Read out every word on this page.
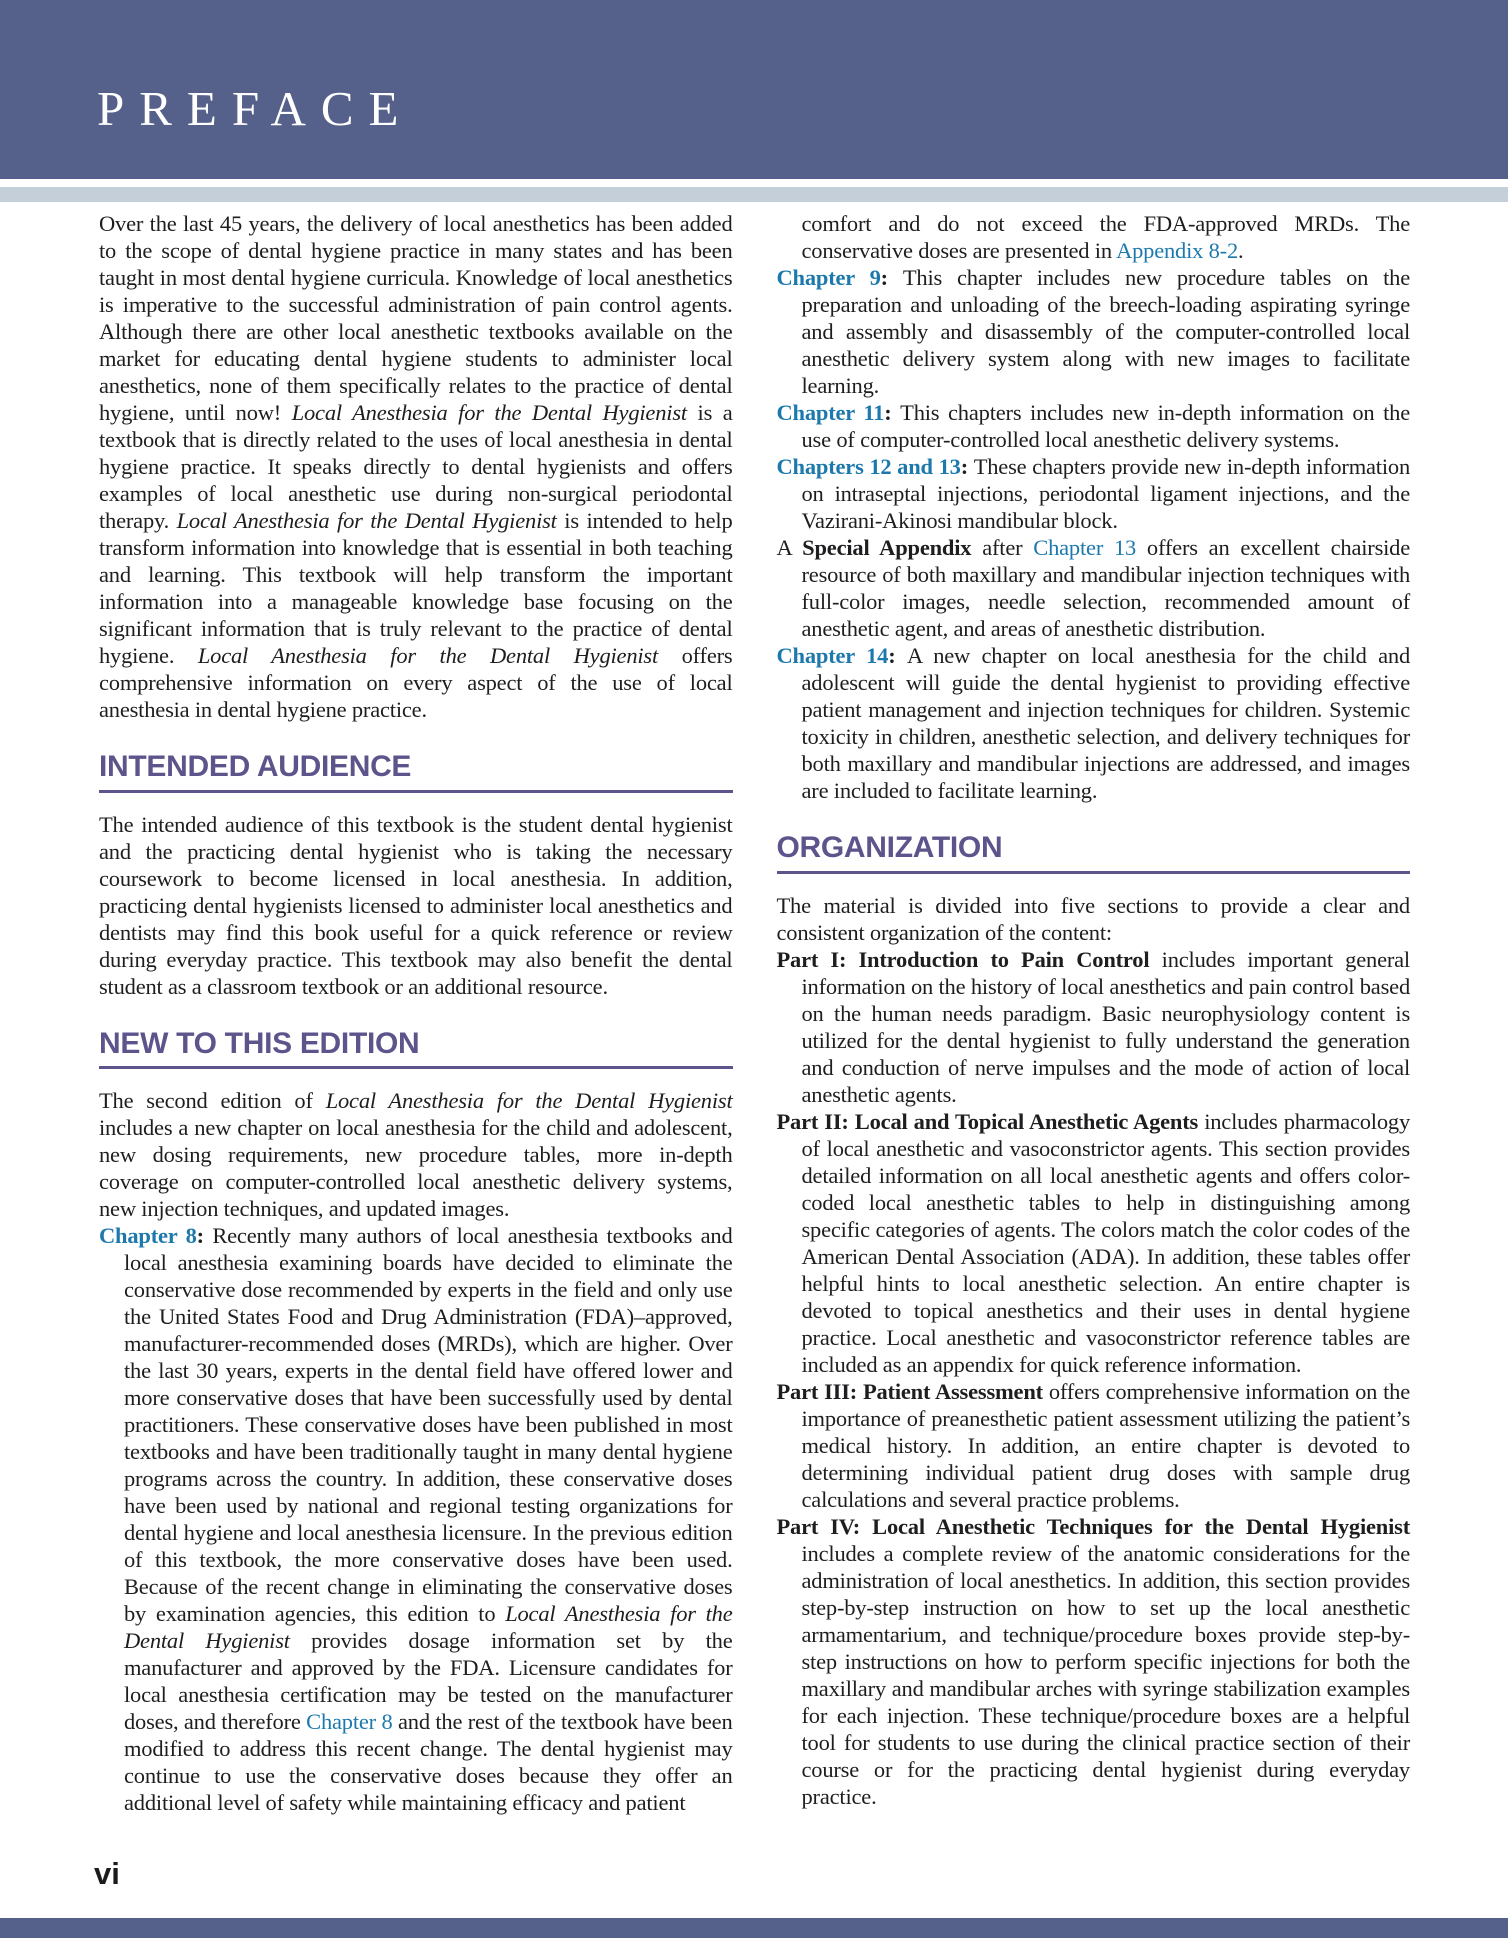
PREFACE

Over the last 45 years, the delivery of local anesthetics has been added to the scope of dental hygiene practice in many states and has been taught in most dental hygiene curricula. Knowledge of local anesthetics is imperative to the successful administration of pain control agents. Although there are other local anesthetic textbooks available on the market for educating dental hygiene students to administer local anesthetics, none of them specifically relates to the practice of dental hygiene, until now! Local Anesthesia for the Dental Hygienist is a textbook that is directly related to the uses of local anesthesia in dental hygiene practice. It speaks directly to dental hygienists and offers examples of local anesthetic use during non-surgical periodontal therapy. Local Anesthesia for the Dental Hygienist is intended to help transform information into knowledge that is essential in both teaching and learning. This textbook will help transform the important information into a manageable knowledge base focusing on the significant information that is truly relevant to the practice of dental hygiene. Local Anesthesia for the Dental Hygienist offers comprehensive information on every aspect of the use of local anesthesia in dental hygiene practice.

INTENDED AUDIENCE

The intended audience of this textbook is the student dental hygienist and the practicing dental hygienist who is taking the necessary coursework to become licensed in local anesthesia. In addition, practicing dental hygienists licensed to administer local anesthetics and dentists may find this book useful for a quick reference or review during everyday practice. This textbook may also benefit the dental student as a classroom textbook or an additional resource.

NEW TO THIS EDITION

The second edition of Local Anesthesia for the Dental Hygienist includes a new chapter on local anesthesia for the child and adolescent, new dosing requirements, new procedure tables, more in-depth coverage on computer-controlled local anesthetic delivery systems, new injection techniques, and updated images.

Chapter 8: Recently many authors of local anesthesia textbooks and local anesthesia examining boards have decided to eliminate the conservative dose recommended by experts in the field and only use the United States Food and Drug Administration (FDA)–approved, manufacturer-recommended doses (MRDs), which are higher. Over the last 30 years, experts in the dental field have offered lower and more conservative doses that have been successfully used by dental practitioners. These conservative doses have been published in most textbooks and have been traditionally taught in many dental hygiene programs across the country. In addition, these conservative doses have been used by national and regional testing organizations for dental hygiene and local anesthesia licensure. In the previous edition of this textbook, the more conservative doses have been used. Because of the recent change in eliminating the conservative doses by examination agencies, this edition to Local Anesthesia for the Dental Hygienist provides dosage information set by the manufacturer and approved by the FDA. Licensure candidates for local anesthesia certification may be tested on the manufacturer doses, and therefore Chapter 8 and the rest of the textbook have been modified to address this recent change. The dental hygienist may continue to use the conservative doses because they offer an additional level of safety while maintaining efficacy and patient

comfort and do not exceed the FDA-approved MRDs. The conservative doses are presented in Appendix 8-2.

Chapter 9: This chapter includes new procedure tables on the preparation and unloading of the breech-loading aspirating syringe and assembly and disassembly of the computer-controlled local anesthetic delivery system along with new images to facilitate learning.

Chapter 11: This chapters includes new in-depth information on the use of computer-controlled local anesthetic delivery systems.

Chapters 12 and 13: These chapters provide new in-depth information on intraseptal injections, periodontal ligament injections, and the Vazirani-Akinosi mandibular block.

A Special Appendix after Chapter 13 offers an excellent chairside resource of both maxillary and mandibular injection techniques with full-color images, needle selection, recommended amount of anesthetic agent, and areas of anesthetic distribution.

Chapter 14: A new chapter on local anesthesia for the child and adolescent will guide the dental hygienist to providing effective patient management and injection techniques for children. Systemic toxicity in children, anesthetic selection, and delivery techniques for both maxillary and mandibular injections are addressed, and images are included to facilitate learning.

ORGANIZATION

The material is divided into five sections to provide a clear and consistent organization of the content:

Part I: Introduction to Pain Control includes important general information on the history of local anesthetics and pain control based on the human needs paradigm. Basic neurophysiology content is utilized for the dental hygienist to fully understand the generation and conduction of nerve impulses and the mode of action of local anesthetic agents.

Part II: Local and Topical Anesthetic Agents includes pharmacology of local anesthetic and vasoconstrictor agents. This section provides detailed information on all local anesthetic agents and offers color-coded local anesthetic tables to help in distinguishing among specific categories of agents. The colors match the color codes of the American Dental Association (ADA). In addition, these tables offer helpful hints to local anesthetic selection. An entire chapter is devoted to topical anesthetics and their uses in dental hygiene practice. Local anesthetic and vasoconstrictor reference tables are included as an appendix for quick reference information.

Part III: Patient Assessment offers comprehensive information on the importance of preanesthetic patient assessment utilizing the patient’s medical history. In addition, an entire chapter is devoted to determining individual patient drug doses with sample drug calculations and several practice problems.

Part IV: Local Anesthetic Techniques for the Dental Hygienist includes a complete review of the anatomic considerations for the administration of local anesthetics. In addition, this section provides step-by-step instruction on how to set up the local anesthetic armamentarium, and technique/procedure boxes provide step-by-step instructions on how to perform specific injections for both the maxillary and mandibular arches with syringe stabilization examples for each injection. These technique/procedure boxes are a helpful tool for students to use during the clinical practice section of their course or for the practicing dental hygienist during everyday practice.

vi
